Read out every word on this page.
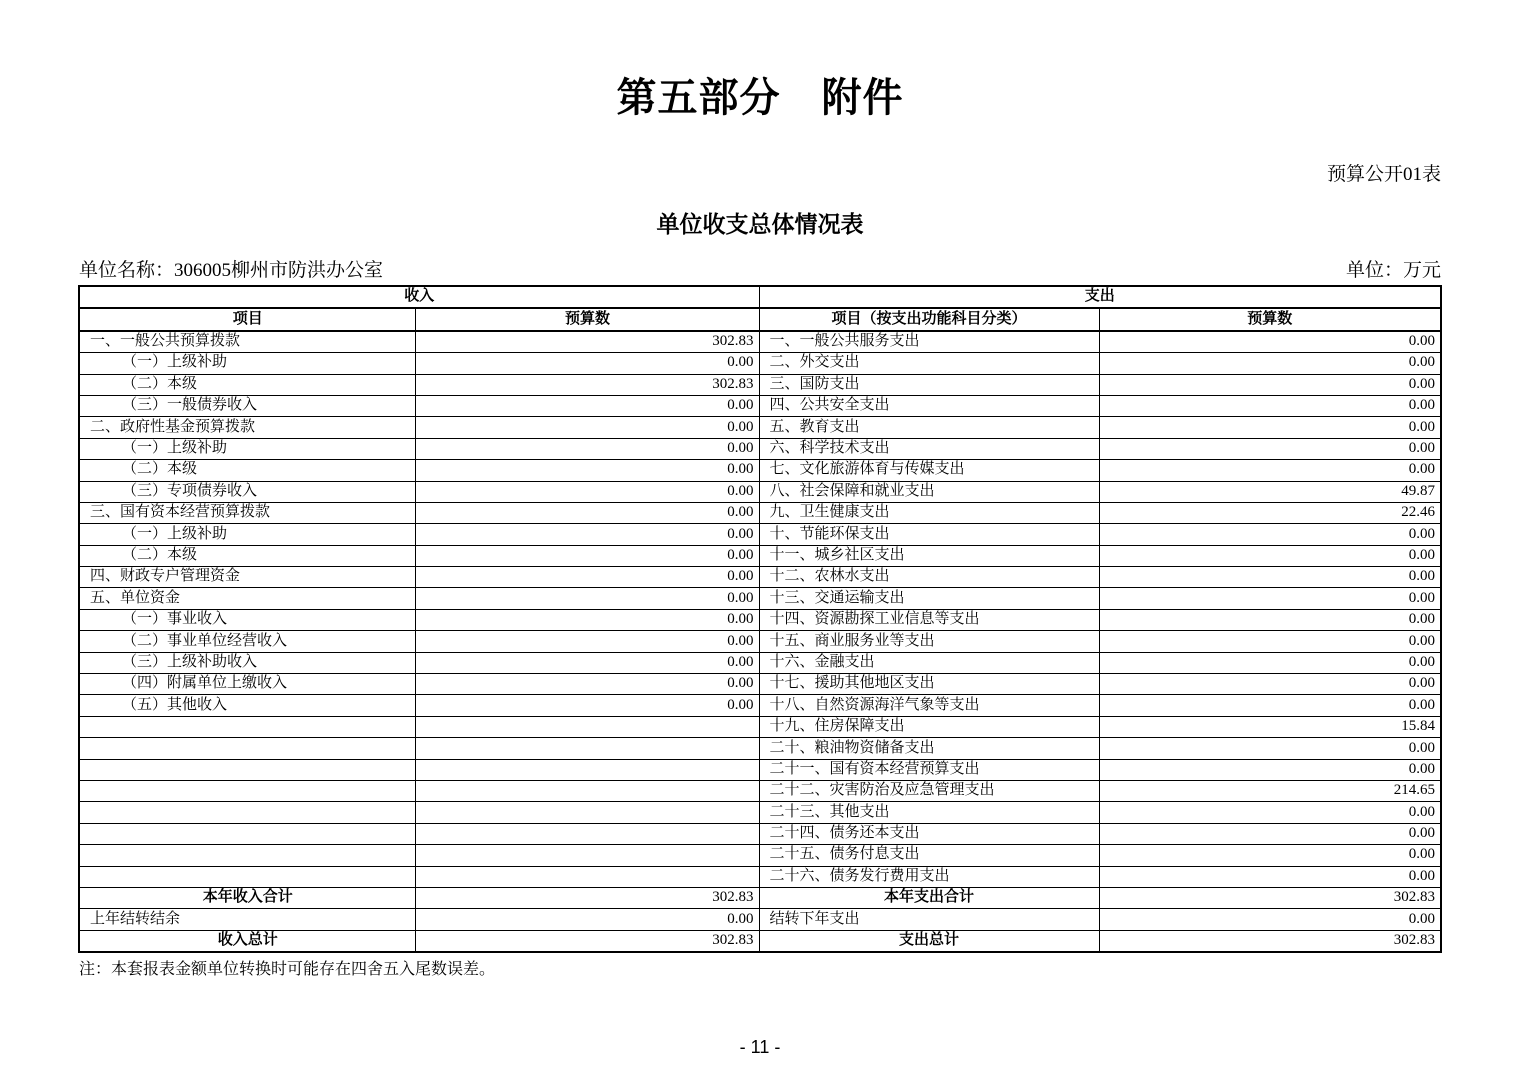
第五部分　附件
预算公开01表
单位收支总体情况表
单位名称：306005柳州市防洪办公室	单位：万元
收入		支出	
项目	预算数	项目（按支出功能科目分类）	预算数
一、一般公共预算拨款	302.83	一、一般公共服务支出	0.00
（一）上级补助	0.00	二、外交支出	0.00
（二）本级	302.83	三、国防支出	0.00
（三）一般债券收入	0.00	四、公共安全支出	0.00
二、政府性基金预算拨款	0.00	五、教育支出	0.00
（一）上级补助	0.00	六、科学技术支出	0.00
（二）本级	0.00	七、文化旅游体育与传媒支出	0.00
（三）专项债券收入	0.00	八、社会保障和就业支出	49.87
三、国有资本经营预算拨款	0.00	九、卫生健康支出	22.46
（一）上级补助	0.00	十、节能环保支出	0.00
（二）本级	0.00	十一、城乡社区支出	0.00
四、财政专户管理资金	0.00	十二、农林水支出	0.00
五、单位资金	0.00	十三、交通运输支出	0.00
（一）事业收入	0.00	十四、资源勘探工业信息等支出	0.00
（二）事业单位经营收入	0.00	十五、商业服务业等支出	0.00
（三）上级补助收入	0.00	十六、金融支出	0.00
（四）附属单位上缴收入	0.00	十七、援助其他地区支出	0.00
（五）其他收入	0.00	十八、自然资源海洋气象等支出	0.00
		十九、住房保障支出	15.84
		二十、粮油物资储备支出	0.00
		二十一、国有资本经营预算支出	0.00
		二十二、灾害防治及应急管理支出	214.65
		二十三、其他支出	0.00
		二十四、债务还本支出	0.00
		二十五、债务付息支出	0.00
		二十六、债务发行费用支出	0.00
本年收入合计	302.83	本年支出合计	302.83
上年结转结余	0.00	结转下年支出	0.00
收入总计	302.83	支出总计	302.83
注：本套报表金额单位转换时可能存在四舍五入尾数误差。
- 11 -
